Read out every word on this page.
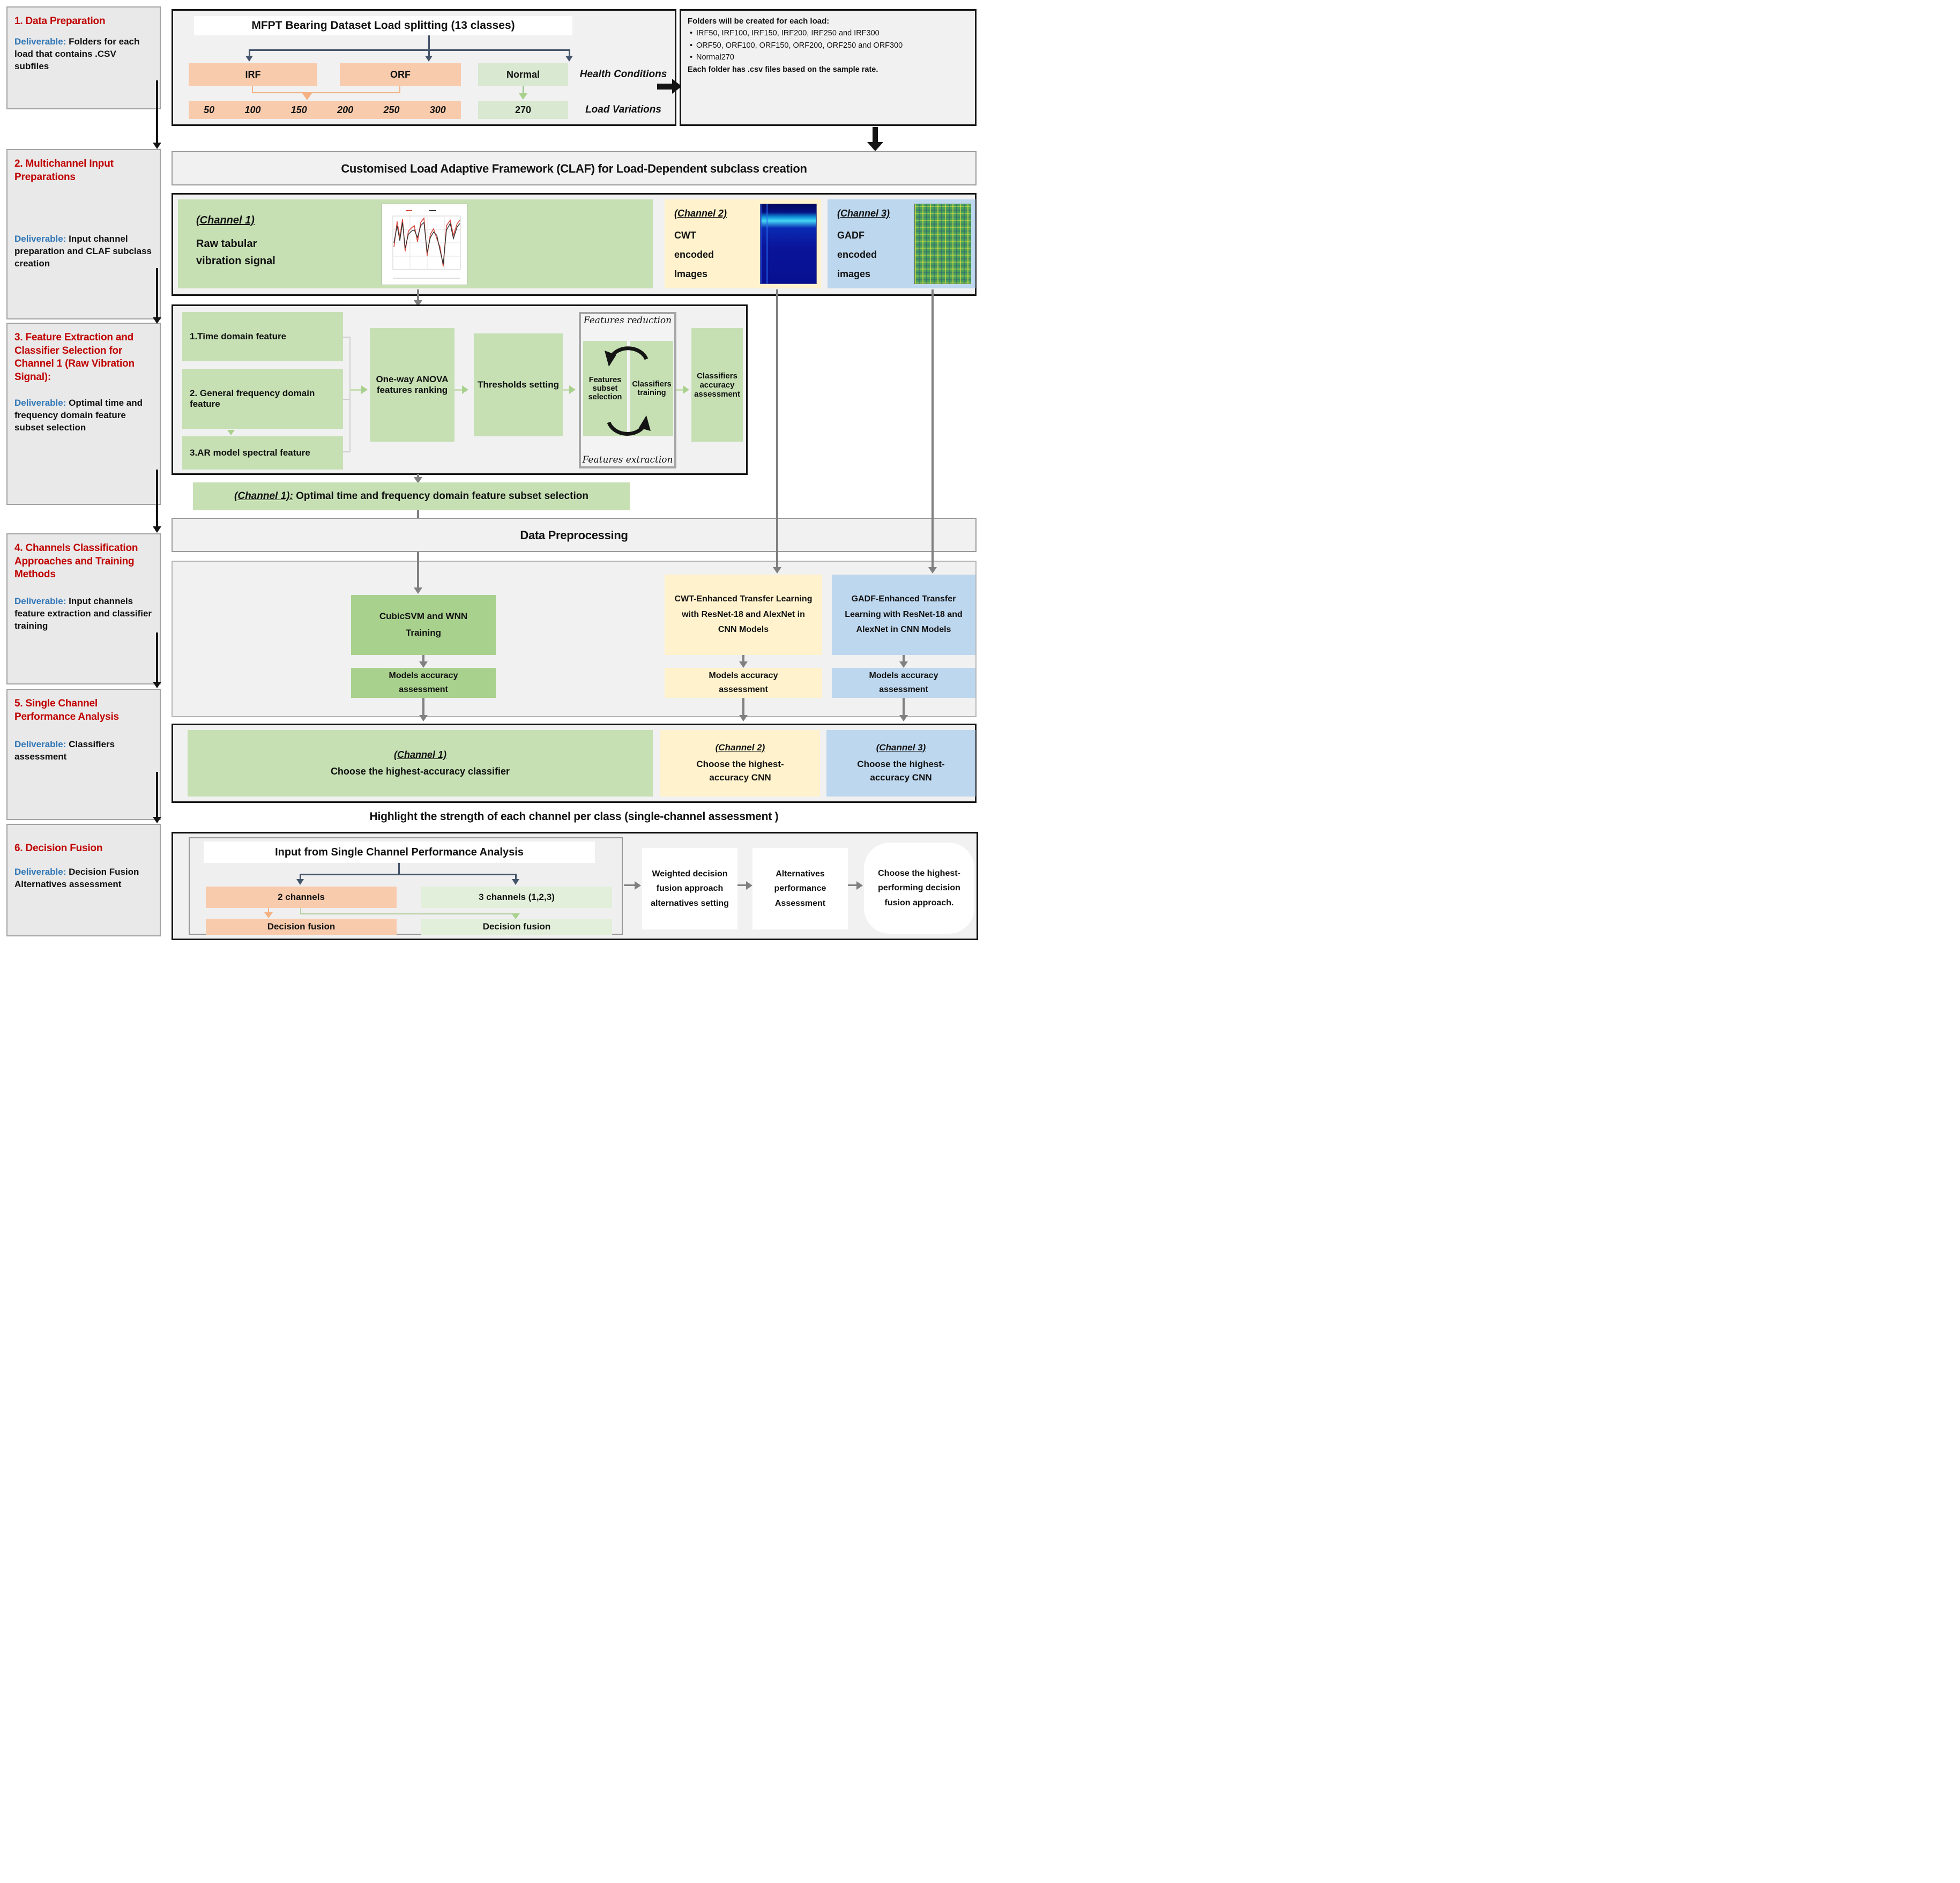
1. Data Preparation
Deliverable: Folders for each load that contains .CSV subfiles
2. Multichannel Input Preparations
Deliverable: Input channel preparation and CLAF subclass creation
3. Feature Extraction and Classifier Selection for Channel 1 (Raw Vibration Signal):
Deliverable: Optimal time and frequency domain feature subset selection
4. Channels Classification Approaches and Training Methods
Deliverable: Input channels feature extraction and classifier training
5. Single Channel Performance Analysis
Deliverable: Classifiers assessment
6. Decision Fusion
Deliverable: Decision Fusion Alternatives assessment
MFPT Bearing Dataset Load splitting (13 classes)
IRF	ORF	Normal
50	100	150	200	250	300	270
Health Conditions
Load Variations
Folders will be created for each load:
• IRF50, IRF100, IRF150, IRF200, IRF250 and IRF300
• ORF50, ORF100, ORF150, ORF200, ORF250 and ORF300
• Normal270
Each folder has .csv files based on the sample rate.
Customised Load Adaptive Framework (CLAF) for Load-Dependent subclass creation
(Channel 1)
Raw tabular vibration signal
(Channel 2)
CWT
encoded
Images
(Channel 3)
GADF
encoded
images
1.Time domain feature
2. General frequency domain feature
3.AR model spectral feature
One-way ANOVA features ranking
Thresholds setting
Features reduction
Features extraction
Features subset selection
Classifiers training
Classifiers accuracy assessment
(Channel 1): Optimal time and frequency domain feature subset selection
Data Preprocessing
CubicSVM and WNN Training
Models accuracy assessment
CWT-Enhanced Transfer Learning with ResNet-18 and AlexNet in CNN Models
Models accuracy assessment
GADF-Enhanced Transfer Learning with ResNet-18 and AlexNet in CNN Models
Models accuracy assessment
(Channel 1)
Choose the highest-accuracy classifier
(Channel 2)
Choose the highest-accuracy CNN
(Channel 3)
Choose the highest-accuracy CNN
Highlight the strength of each channel per class (single-channel assessment )
Input from Single Channel Performance Analysis
2 channels	3 channels (1,2,3)
Decision fusion	Decision fusion
Weighted decision fusion approach alternatives setting
Alternatives performance Assessment
Choose the highest-performing decision fusion approach.
